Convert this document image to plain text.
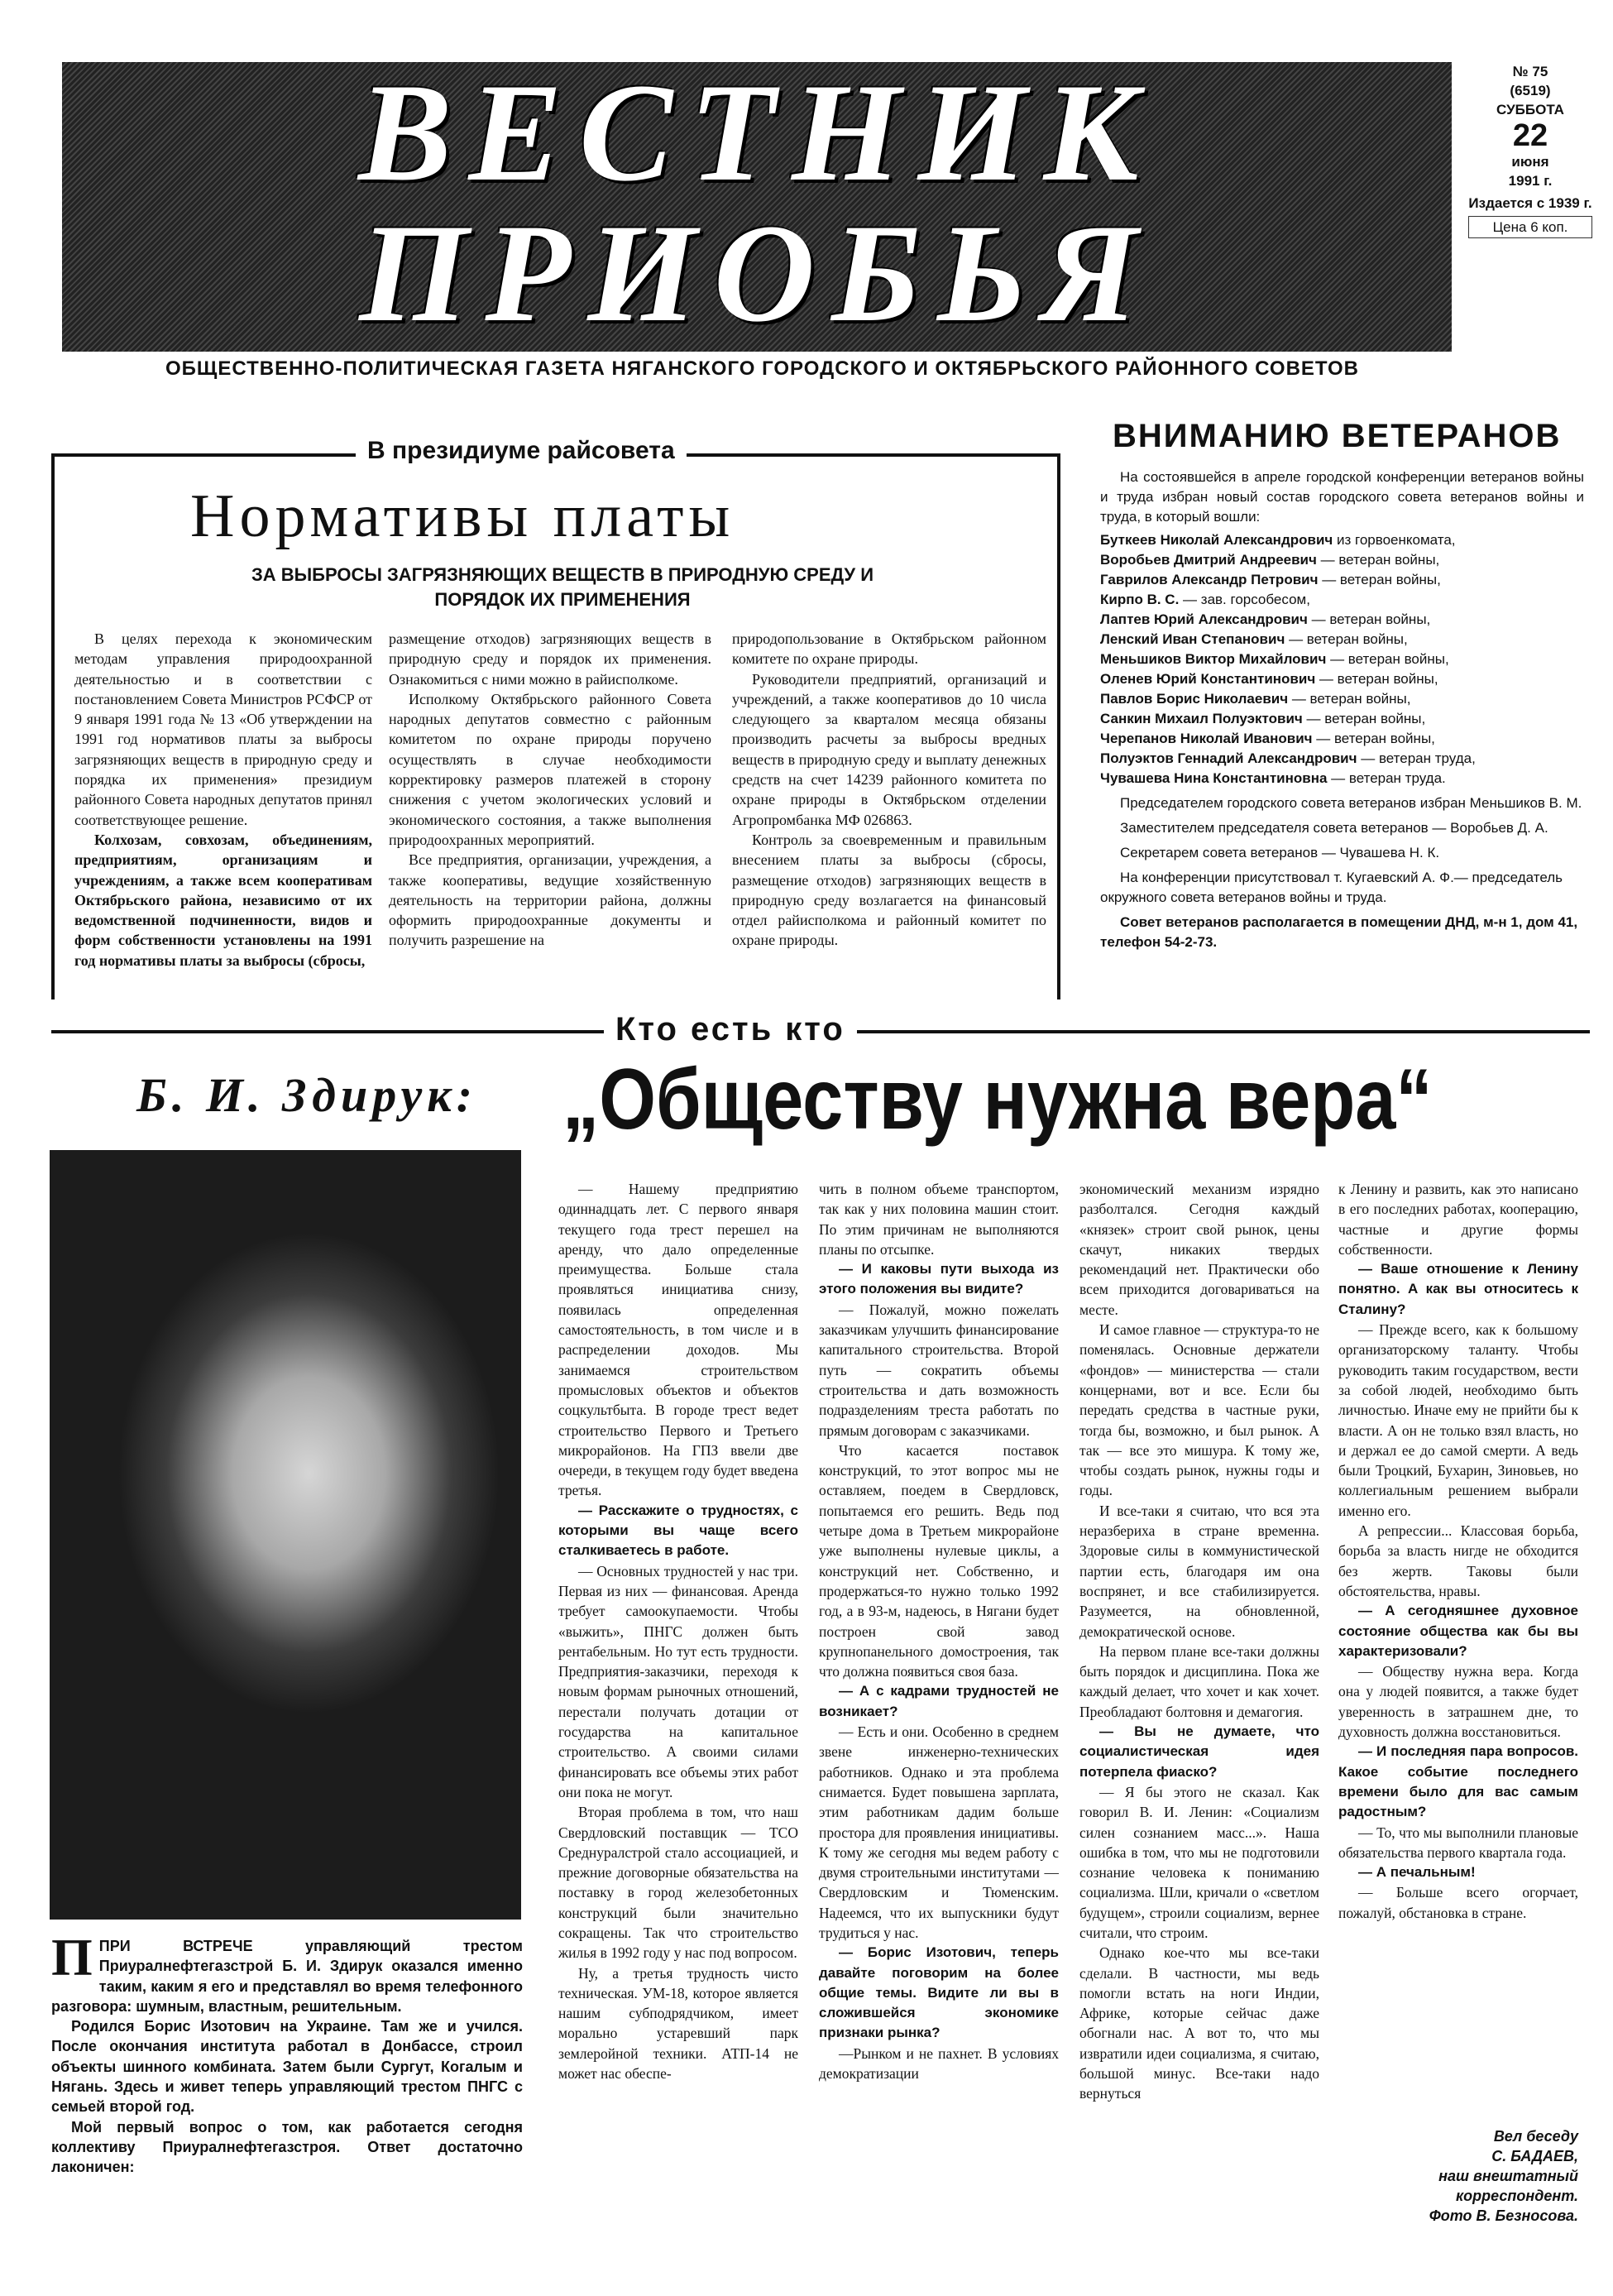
ВЕСТНИК
ПРИОБЬЯ
№ 75
(6519)
СУББОТА
22
июня
1991 г.
Издается с 1939 г.
Цена 6 коп.
ОБЩЕСТВЕННО-ПОЛИТИЧЕСКАЯ ГАЗЕТА НЯГАНСКОГО ГОРОДСКОГО И ОКТЯБРЬСКОГО РАЙОННОГО СОВЕТОВ
В президиуме райсовета
Нормативы платы
ЗА ВЫБРОСЫ ЗАГРЯЗНЯЮЩИХ ВЕЩЕСТВ В ПРИРОДНУЮ СРЕДУ И ПОРЯДОК ИХ ПРИМЕНЕНИЯ

В целях перехода к экономическим методам управления природоохранной деятельностью и в соответствии с постановлением Совета Министров РСФСР от 9 января 1991 года № 13 «Об утверждении на 1991 год нормативов платы за выбросы загрязняющих веществ в природную среду и порядка их применения» президиум районного Совета народных депутатов принял соответствующее решение.

Колхозам, совхозам, объединениям, предприятиям, организациям и учреждениям, а также всем кооперативам Октябрьского района, независимо от их ведомственной подчиненности, видов и форм собственности установлены на 1991 год нормативы платы за выбросы (сбросы,

размещение отходов) загрязняющих веществ в природную среду и порядок их применения. Ознакомиться с ними можно в райисполкоме.

Исполкому Октябрьского районного Совета народных депутатов совместно с районным комитетом по охране природы поручено осуществлять в случае необходимости корректировку размеров платежей в сторону снижения с учетом экологических условий и экономического состояния, а также выполнения природоохранных мероприятий.

Все предприятия, организации, учреждения, а также кооперативы, ведущие хозяйственную деятельность на территории района, должны оформить природоохранные документы и получить разрешение на

природопользование в Октябрьском районном комитете по охране природы.

Руководители предприятий, организаций и учреждений, а также кооперативов до 10 числа следующего за кварталом месяца обязаны производить расчеты за выбросы вредных веществ в природную среду и выплату денежных средств на счет 14239 районного комитета по охране природы в Октябрьском отделении Агропромбанка МФ 026863.

Контроль за своевременным и правильным внесением платы за выбросы (сбросы, размещение отходов) загрязняющих веществ в природную среду возлагается на финансовый отдел райисполкома и районный комитет по охране природы.

ВНИМАНИЮ ВЕТЕРАНОВ

На состоявшейся в апреле городской конференции ветеранов войны и труда избран новый состав городского совета ветеранов войны и труда, в который вошли:

Буткеев Николай Александрович из горвоенкомата,
Воробьев Дмитрий Андреевич — ветеран войны,
Гаврилов Александр Петрович — ветеран войны,
Кирпо В. С. — зав. горсобесом,
Лаптев Юрий Александрович — ветеран войны,
Ленский Иван Степанович — ветеран войны,
Меньшиков Виктор Михайлович — ветеран войны,
Оленев Юрий Константинович — ветеран войны,
Павлов Борис Николаевич — ветеран войны,
Санкин Михаил Полуэктович — ветеран войны,
Черепанов Николай Иванович — ветеран войны,
Полуэктов Геннадий Александрович — ветеран труда,
Чувашева Нина Константиновна — ветеран труда.

Председателем городского совета ветеранов избран Меньшиков В. М.

Заместителем председателя совета ветеранов — Воробьев Д. А.

Секретарем совета ветеранов — Чувашева Н. К.

На конференции присутствовал т. Кугаевский А. Ф.— председатель окружного совета ветеранов войны и труда.

Совет ветеранов располагается в помещении ДНД, м-н 1, дом 41, телефон 54-2-73.

Кто есть кто
Б. И. Здирук: „Обществу нужна вера“

ППРИ ВСТРЕЧЕ управляющий трестом Приуралнефтегазстрой Б. И. Здирук оказался именно таким, каким я его и представлял во время телефонного разговора: шумным, властным, решительным.

Родился Борис Изотович на Украине. Там же и учился. После окончания института работал в Донбассе, строил объекты шинного комбината. Затем были Сургут, Когалым и Нягань. Здесь и живет теперь управляющий трестом ПНГС с семьей второй год.

Мой первый вопрос о том, как работается сегодня коллективу Приуралнефтегазстроя. Ответ достаточно лаконичен:

— Нашему предприятию одиннадцать лет. С первого января текущего года трест перешел на аренду, что дало определенные преимущества. Больше стала проявляться инициатива снизу, появилась определенная самостоятельность, в том числе и в распределении доходов. Мы занимаемся строительством промысловых объектов и объектов соцкультбыта. В городе трест ведет строительство Первого и Третьего микрорайонов. На ГПЗ ввели две очереди, в текущем году будет введена третья.

— Расскажите о трудностях, с которыми вы чаще всего сталкиваетесь в работе.

— Основных трудностей у нас три. Первая из них — финансовая. Аренда требует самоокупаемости. Чтобы «выжить», ПНГС должен быть рентабельным. Но тут есть трудности. Предприятия-заказчики, переходя к новым формам рыночных отношений, перестали получать дотации от государства на капитальное строительство. А своими силами финансировать все объемы этих работ они пока не могут.

Вторая проблема в том, что наш Свердловский поставщик — ТСО Среднуралстрой стало ассоциацией, и прежние договорные обязательства на поставку в город железобетонных конструкций были значительно сокращены. Так что строительство жилья в 1992 году у нас под вопросом.

Ну, а третья трудность чисто техническая. УМ-18, которое является нашим субподрядчиком, имеет морально устаревший парк землеройной техники. АТП-14 не может нас обеспе-

чить в полном объеме транспортом, так как у них половина машин стоит. По этим причинам не выполняются планы по отсыпке.

— И каковы пути выхода из этого положения вы видите?

— Пожалуй, можно пожелать заказчикам улучшить финансирование капитального строительства. Второй путь — сократить объемы строительства и дать возможность подразделениям треста работать по прямым договорам с заказчиками.

Что касается поставок конструкций, то этот вопрос мы не оставляем, поедем в Свердловск, попытаемся его решить. Ведь под четыре дома в Третьем микрорайоне уже выполнены нулевые циклы, а конструкций нет. Собственно, и продержаться-то нужно только 1992 год, а в 93-м, надеюсь, в Нягани будет построен свой завод крупнопанельного домостроения, так что должна появиться своя база.

— А с кадрами трудностей не возникает?

— Есть и они. Особенно в среднем звене инженерно-технических работников. Однако и эта проблема снимается. Будет повышена зарплата, этим работникам дадим больше простора для проявления инициативы. К тому же сегодня мы ведем работу с двумя строительными институтами — Свердловским и Тюменским. Надеемся, что их выпускники будут трудиться у нас.

— Борис Изотович, теперь давайте поговорим на более общие темы. Видите ли вы в сложившейся экономике признаки рынка?

—Рынком и не пахнет. В условиях демократизации

экономический механизм изрядно разболтался. Сегодня каждый «князек» строит свой рынок, цены скачут, никаких твердых рекомендаций нет. Практически обо всем приходится договариваться на месте.

И самое главное — структура-то не поменялась. Основные держатели «фондов» — министерства — стали концернами, вот и все. Если бы передать средства в частные руки, тогда бы, возможно, и был рынок. А так — все это мишура. К тому же, чтобы создать рынок, нужны годы и годы.

И все-таки я считаю, что вся эта неразбериха в стране временна. Здоровые силы в коммунистической партии есть, благодаря им она воспрянет, и все стабилизируется. Разумеется, на обновленной, демократической основе.

На первом плане все-таки должны быть порядок и дисциплина. Пока же каждый делает, что хочет и как хочет. Преобладают болтовня и демагогия.

— Вы не думаете, что социалистическая идея потерпела фиаско?

— Я бы этого не сказал. Как говорил В. И. Ленин: «Социализм силен сознанием масс...». Наша ошибка в том, что мы не подготовили сознание человека к пониманию социализма. Шли, кричали о «светлом будущем», строили социализм, вернее считали, что строим.

Однако кое-что мы все-таки сделали. В частности, мы ведь помогли встать на ноги Индии, Африке, которые сейчас даже обогнали нас. А вот то, что мы извратили идеи социализма, я считаю, большой минус. Все-таки надо вернуться

к Ленину и развить, как это написано в его последних работах, кооперацию, частные и другие формы собственности.

— Ваше отношение к Ленину понятно. А как вы относитесь к Сталину?

— Прежде всего, как к большому организаторскому таланту. Чтобы руководить таким государством, вести за собой людей, необходимо быть личностью. Иначе ему не прийти бы к власти. А он не только взял власть, но и держал ее до самой смерти. А ведь были Троцкий, Бухарин, Зиновьев, но коллегиальным решением выбрали именно его.

А репрессии... Классовая борьба, борьба за власть нигде не обходится без жертв. Таковы были обстоятельства, нравы.

— А сегодняшнее духовное состояние общества как бы вы характеризовали?

— Обществу нужна вера. Когда она у людей появится, а также будет уверенность в затрашнем дне, то духовность должна восстановиться.

— И последняя пара вопросов. Какое событие последнего времени было для вас самым радостным?

— То, что мы выполнили плановые обязательства первого квартала года.

— А печальным!

— Больше всего огорчает, пожалуй, обстановка в стране.

Вел беседу
С. БАДАЕВ,
наш внештатный
корреспондент.
Фото В. Безносова.
